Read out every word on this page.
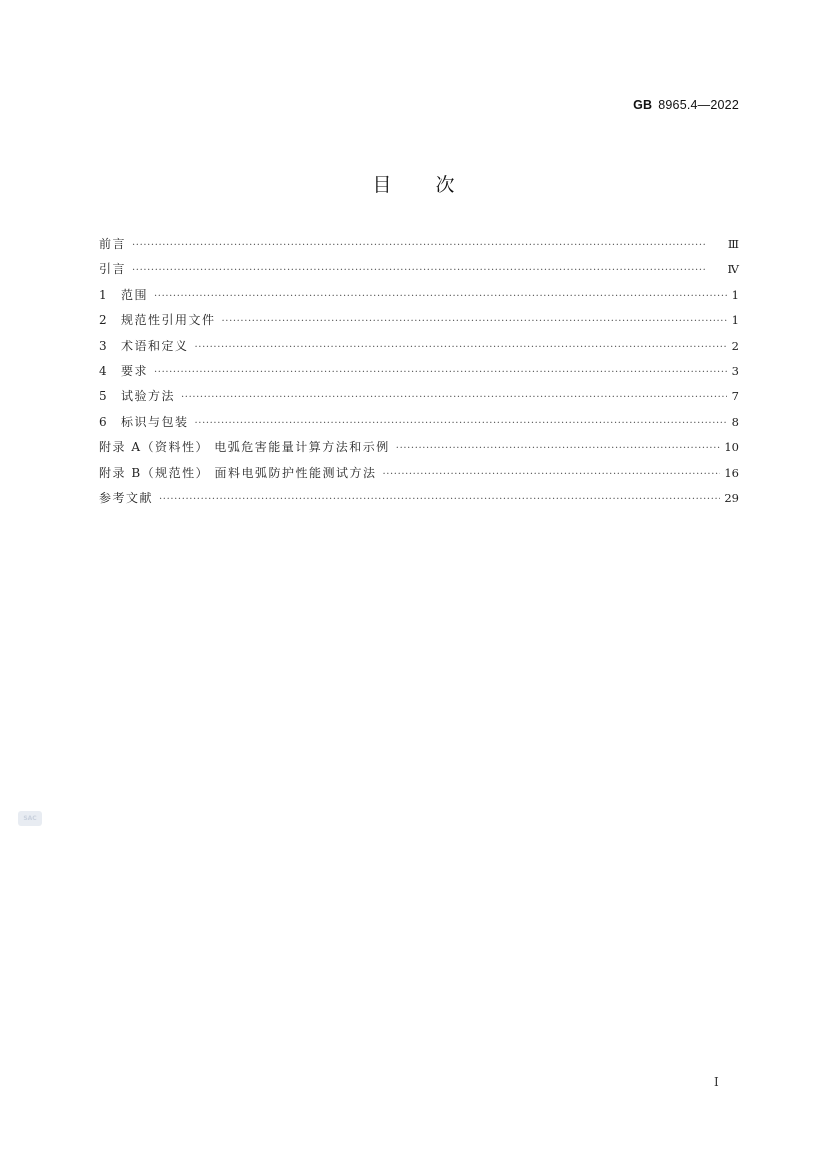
GB 8965.4—2022
目次
前言 ·····	Ⅲ
引言 ·····	Ⅳ
1	范围 ·····	1
2	规范性引用文件 ·····	1
3	术语和定义 ·····	2
4	要求 ·····	3
5	试验方法 ·····	7
6	标识与包装 ·····	8
附录 A（资料性） 电弧危害能量计算方法和示例 ·····	10
附录 B（规范性） 面料电弧防护性能测试方法 ·····	16
参考文献 ·····	29
SAC
I
